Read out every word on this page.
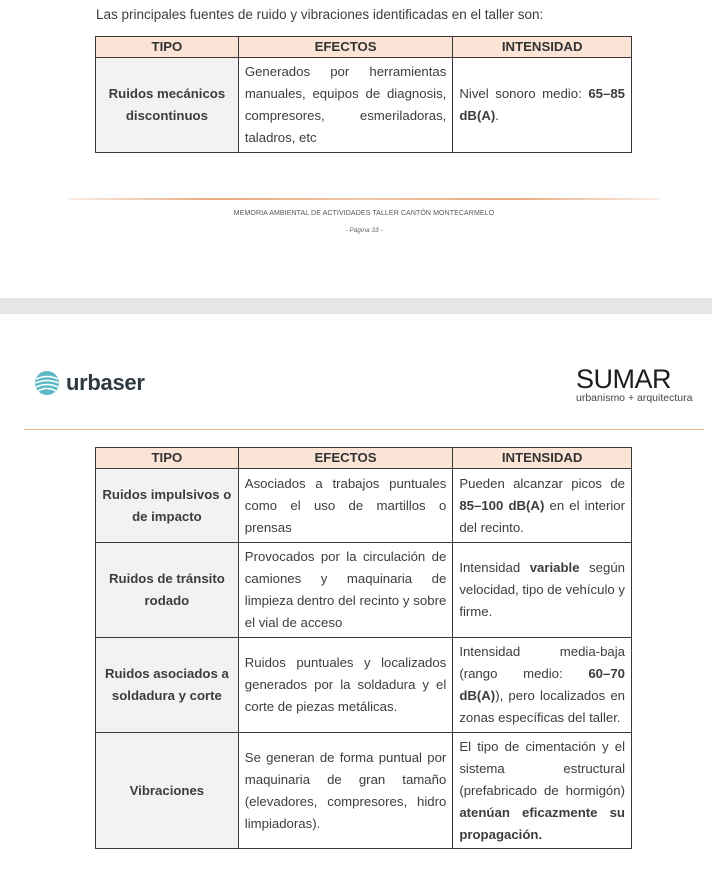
Las principales fuentes de ruido y vibraciones identificadas en el taller son:
TIPO	EFECTOS	INTENSIDAD
Ruidos mecánicos discontinuos	Generados por herramientas manuales, equipos de diagnosis, compresores, esmeriladoras, taladros, etc	Nivel sonoro medio: 65–85 dB(A).
MEMORIA AMBIENTAL DE ACTIVIDADES TALLER CANTÓN MONTECARMELO
- Página 33 -
urbaser	SUMAR
urbanismo + arquitectura
TIPO	EFECTOS	INTENSIDAD
Ruidos impulsivos o de impacto	Asociados a trabajos puntuales como el uso de martillos o prensas	Pueden alcanzar picos de 85–100 dB(A) en el interior del recinto.
Ruidos de tránsito rodado	Provocados por la circulación de camiones y maquinaria de limpieza dentro del recinto y sobre el vial de acceso	Intensidad variable según velocidad, tipo de vehículo y firme.
Ruidos asociados a soldadura y corte	Ruidos puntuales y localizados generados por la soldadura y el corte de piezas metálicas.	Intensidad media-baja (rango medio: 60–70 dB(A)), pero localizados en zonas específicas del taller.
Vibraciones	Se generan de forma puntual por maquinaria de gran tamaño (elevadores, compresores, hidro limpiadoras).	El tipo de cimentación y el sistema estructural (prefabricado de hormigón) atenúan eficazmente su propagación.
